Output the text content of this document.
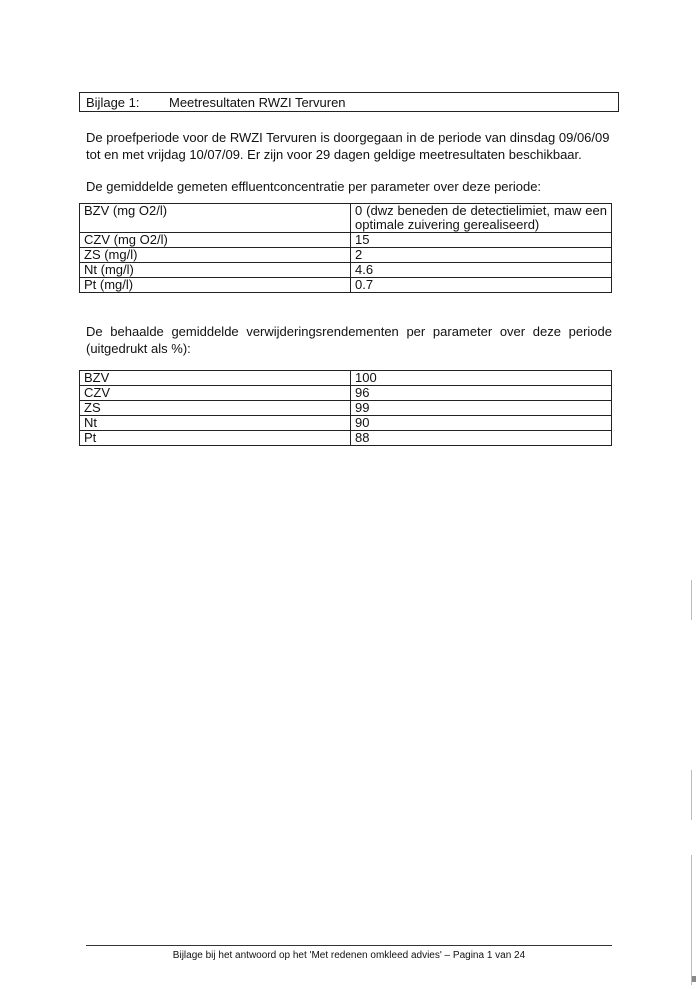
Bijlage 1:	Meetresultaten RWZI Tervuren

De proefperiode voor de RWZI Tervuren is doorgegaan in de periode van dinsdag 09/06/09 tot en met vrijdag 10/07/09. Er zijn voor 29 dagen geldige meetresultaten beschikbaar.

De gemiddelde gemeten effluentconcentratie per parameter over deze periode:

BZV (mg O2/l)	0 (dwz beneden de detectielimiet, maw een optimale zuivering gerealiseerd)
CZV (mg O2/l)	15
ZS (mg/l)	2
Nt (mg/l)	4.6
Pt (mg/l)	0.7

De behaalde gemiddelde verwijderingsrendementen per parameter over deze periode (uitgedrukt als %):

BZV	100
CZV	96
ZS	99
Nt	90
Pt	88
Bijlage bij het antwoord op het 'Met redenen omkleed advies' – Pagina 1 van 24
